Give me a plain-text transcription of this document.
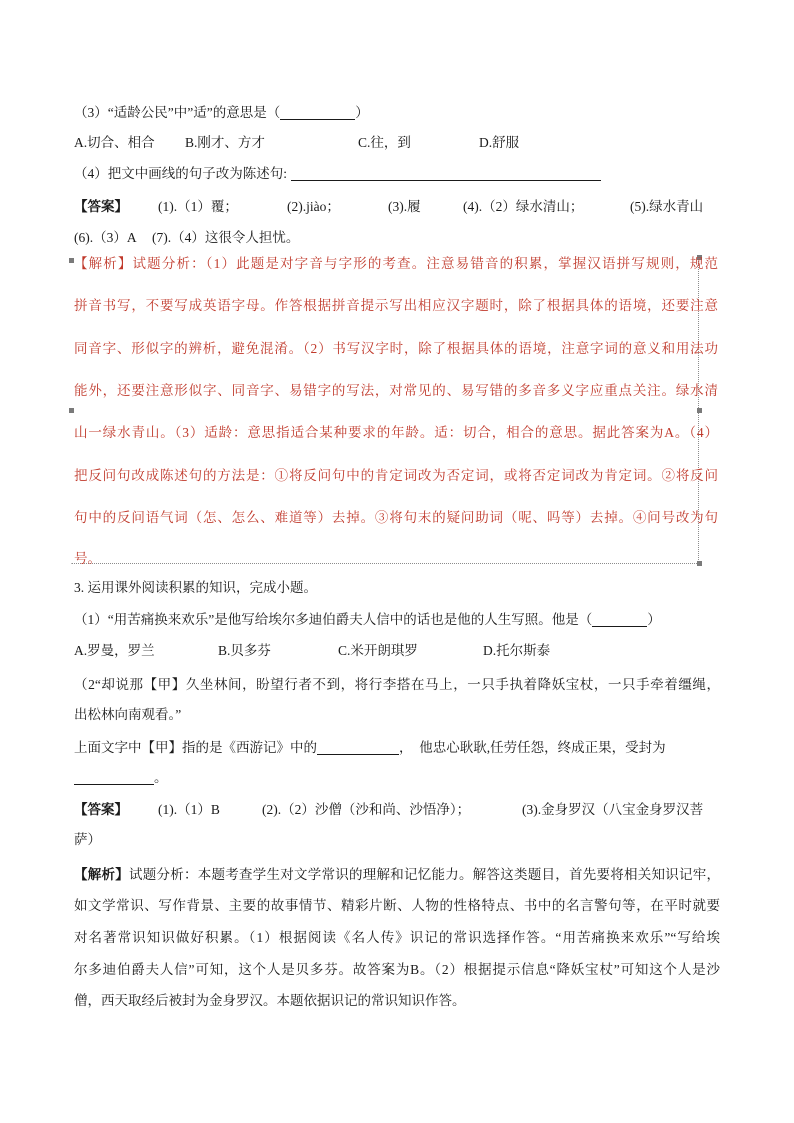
（3）“适龄公民”中”适”的意思是（	）
A.切合、相合 B.刚才、方才	C.往，到	D.舒服
（4）把文中画线的句子改为陈述句:
【答案】 (1).（1）覆；	(2).jiào；	(3).履	(4).（2）绿水清山；	(5).绿水青山
(6).（3）A (7).（4）这很令人担忧。
【解析】试题分析：（1）此题是对字音与字形的考查。注意易错音的积累，掌握汉语拼写规则，规范
拼音书写，不要写成英语字母。作答根据拼音提示写出相应汉字题时，除了根据具体的语境，还要注意
同音字、形似字的辨析，避免混淆。（2）书写汉字时，除了根据具体的语境，注意字词的意义和用法功
能外，还要注意形似字、同音字、易错字的写法，对常见的、易写错的多音多义字应重点关注。绿水清
山一绿水青山。（3）适龄：意思指适合某种要求的年龄。适：切合，相合的意思。据此答案为A。（4）
把反问句改成陈述句的方法是：①将反问句中的肯定词改为否定词，或将否定词改为肯定词。②将反问
句中的反问语气词（怎、怎么、难道等）去掉。③将句末的疑问助词（呢、吗等）去掉。④问号改为句
号。
3. 运用课外阅读积累的知识，完成小题。
（1）“用苦痛换来欢乐”是他写给埃尔多迪伯爵夫人信中的话也是他的人生写照。他是（	）
A.罗曼，罗兰	B.贝多芬	C.米开朗琪罗	D.托尔斯泰
（2“却说那【甲】久坐林间，盼望行者不到，将行李搭在马上，一只手执着降妖宝杖，一只手牵着缰绳，
出松林向南观看。”
上面文字中【甲】指的是《西游记》中的	，　他忠心耿耿,任劳任怨，终成正果，受封为
。
【答案】 (1).（1）B	(2).（2）沙僧（沙和尚、沙悟净）；	(3).金身罗汉（八宝金身罗汉菩
萨）
【解析】试题分析：本题考查学生对文学常识的理解和记忆能力。解答这类题目，首先要将相关知识记牢，
如文学常识、写作背景、主要的故事情节、精彩片断、人物的性格特点、书中的名言警句等，在平时就要
对名著常识知识做好积累。（1）根据阅读《名人传》识记的常识选择作答。“用苦痛换来欢乐”“写给埃
尔多迪伯爵夫人信”可知，这个人是贝多芬。故答案为B。（2）根据提示信息“降妖宝杖”可知这个人是沙
僧，西天取经后被封为金身罗汉。本题依据识记的常识知识作答。
